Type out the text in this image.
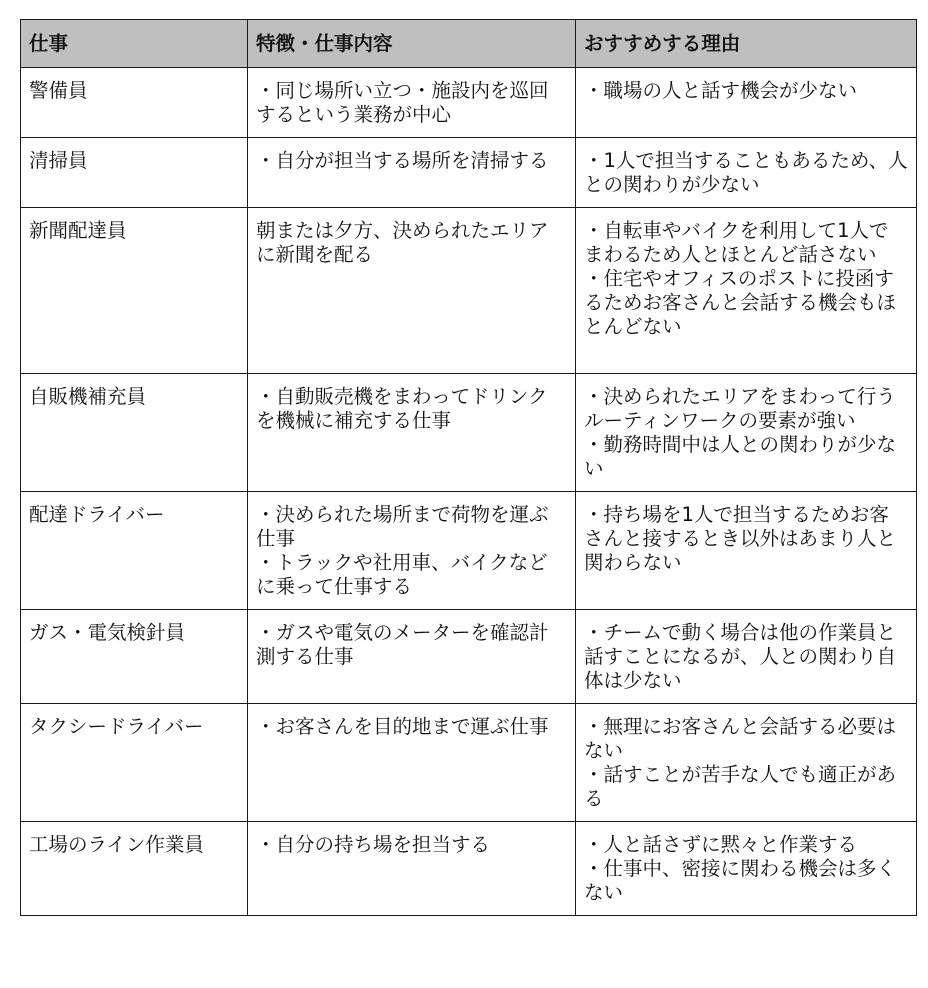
仕事	特徴・仕事内容	おすすめする理由
警備員	・同じ場所い立つ・施設内を巡回するという業務が中心	・職場の人と話す機会が少ない

清掃員	・自分が担当する場所を清掃する	・1人で担当することもあるため、人との関わりが少ない

新聞配達員	朝または夕方、決められたエリアに新聞を配る	・自転車やバイクを利用して1人でまわるため人とほとんど話さない
・住宅やオフィスのポストに投函するためお客さんと会話する機会もほとんどない

自販機補充員	・自動販売機をまわってドリンクを機械に補充する仕事	・決められたエリアをまわって行うルーティンワークの要素が強い
・勤務時間中は人との関わりが少ない

配達ドライバー	・決められた場所まで荷物を運ぶ仕事
・トラックや社用車、バイクなどに乗って仕事する	・持ち場を1人で担当するためお客さんと接するとき以外はあまり人と関わらない

ガス・電気検針員	・ガスや電気のメーターを確認計測する仕事	・チームで動く場合は他の作業員と話すことになるが、人との関わり自体は少ない

タクシードライバー	・お客さんを目的地まで運ぶ仕事	・無理にお客さんと会話する必要はない
・話すことが苦手な人でも適正がある

工場のライン作業員	・自分の持ち場を担当する	・人と話さずに黙々と作業する
・仕事中、密接に関わる機会は多くない
